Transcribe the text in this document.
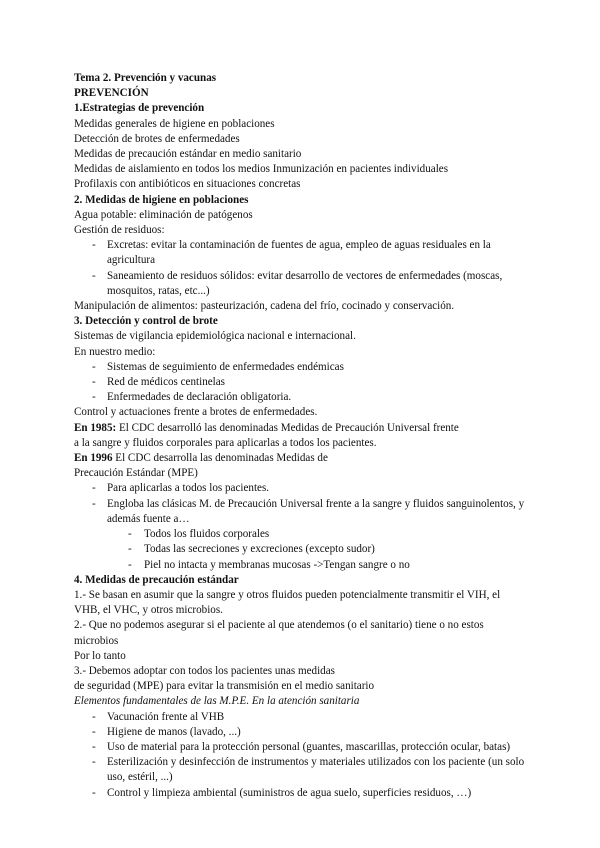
Tema 2. Prevención y vacunas
PREVENCIÓN
1.Estrategias de prevención
Medidas generales de higiene en poblaciones
Detección de brotes de enfermedades
Medidas de precaución estándar en medio sanitario
Medidas de aislamiento en todos los medios Inmunización en pacientes individuales
Profilaxis con antibióticos en situaciones concretas
2. Medidas de higiene en poblaciones
Agua potable: eliminación de patógenos
Gestión de residuos:
- Excretas: evitar la contaminación de fuentes de agua, empleo de aguas residuales en la
agricultura
- Saneamiento de residuos sólidos: evitar desarrollo de vectores de enfermedades (moscas,
mosquitos, ratas, etc...)
Manipulación de alimentos: pasteurización, cadena del frío, cocinado y conservación.
3. Detección y control de brote
Sistemas de vigilancia epidemiológica nacional e internacional.
En nuestro medio:
- Sistemas de seguimiento de enfermedades endémicas
- Red de médicos centinelas
- Enfermedades de declaración obligatoria.
Control y actuaciones frente a brotes de enfermedades.
En 1985: El CDC desarrolló las denominadas Medidas de Precaución Universal frente
a la sangre y fluidos corporales para aplicarlas a todos los pacientes.
En 1996 El CDC desarrolla las denominadas Medidas de
Precaución Estándar (MPE)
- Para aplicarlas a todos los pacientes.
- Engloba las clásicas M. de Precaución Universal frente a la sangre y fluidos sanguinolentos, y
además fuente a…
- Todos los fluidos corporales
- Todas las secreciones y excreciones (excepto sudor)
- Piel no intacta y membranas mucosas ->Tengan sangre o no
4. Medidas de precaución estándar
1.- Se basan en asumir que la sangre y otros fluidos pueden potencialmente transmitir el VIH, el
VHB, el VHC, y otros microbios.
2.- Que no podemos asegurar si el paciente al que atendemos (o el sanitario) tiene o no estos
microbios
Por lo tanto
3.- Debemos adoptar con todos los pacientes unas medidas
de seguridad (MPE) para evitar la transmisión en el medio sanitario
Elementos fundamentales de las M.P.E. En la atención sanitaria
- Vacunación frente al VHB
- Higiene de manos (lavado, ...)
- Uso de material para la protección personal (guantes, mascarillas, protección ocular, batas)
- Esterilización y desinfección de instrumentos y materiales utilizados con los paciente (un solo
uso, estéril, ...)
- Control y limpieza ambiental (suministros de agua suelo, superficies residuos, …)
